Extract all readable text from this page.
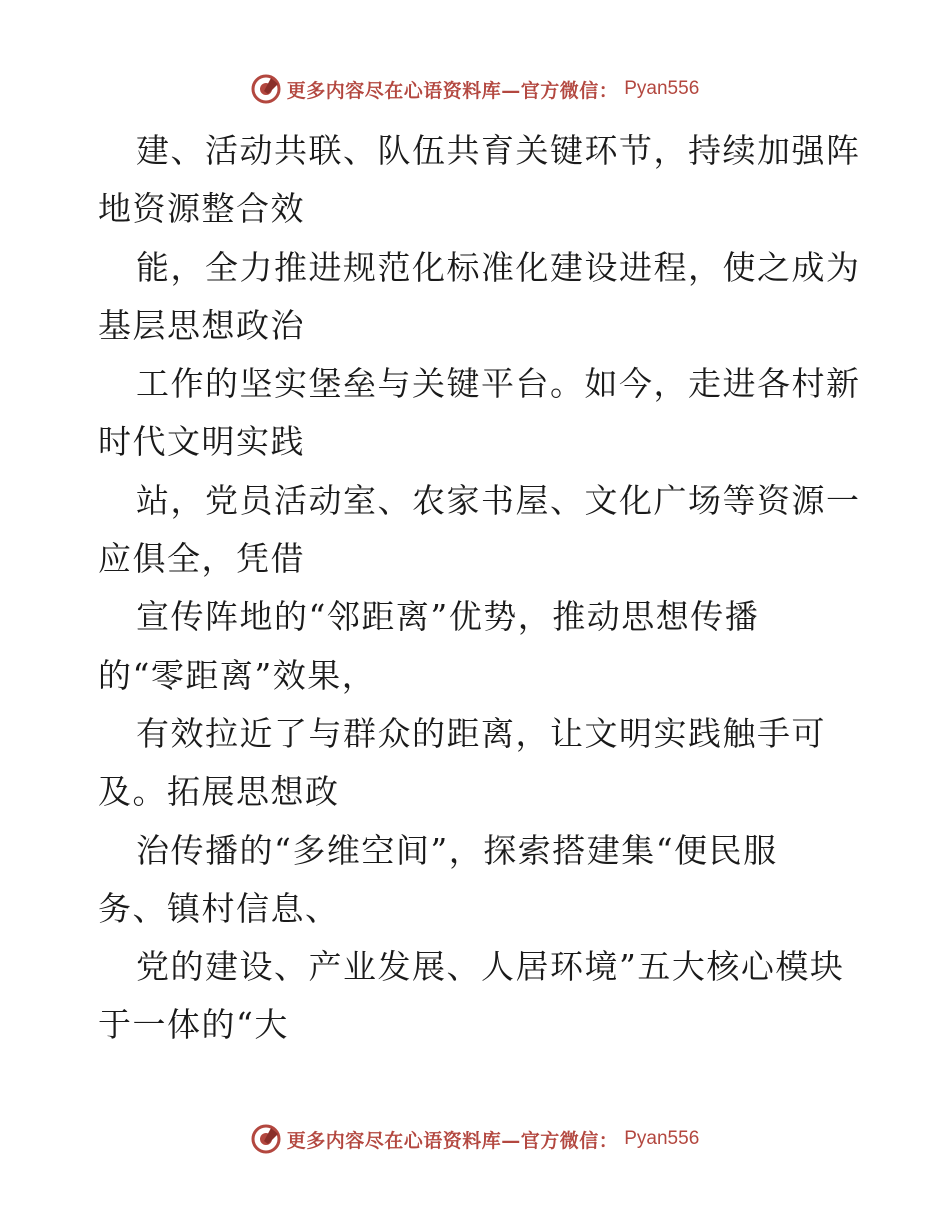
更多内容尽在心语资料库—官方微信： Pyan556
建、活动共联、队伍共育关键环节，持续加强阵
地资源整合效
能，全力推进规范化标准化建设进程，使之成为
基层思想政治
工作的坚实堡垒与关键平台。如今，走进各村新
时代文明实践
站，党员活动室、农家书屋、文化广场等资源一
应俱全，凭借
宣传阵地的“邻距离”优势，推动思想传播
的“零距离”效果，
有效拉近了与群众的距离，让文明实践触手可
及。拓展思想政
治传播的“多维空间”，探索搭建集“便民服
务、镇村信息、
党的建设、产业发展、人居环境”五大核心模块
于一体的“大
更多内容尽在心语资料库—官方微信： Pyan556
